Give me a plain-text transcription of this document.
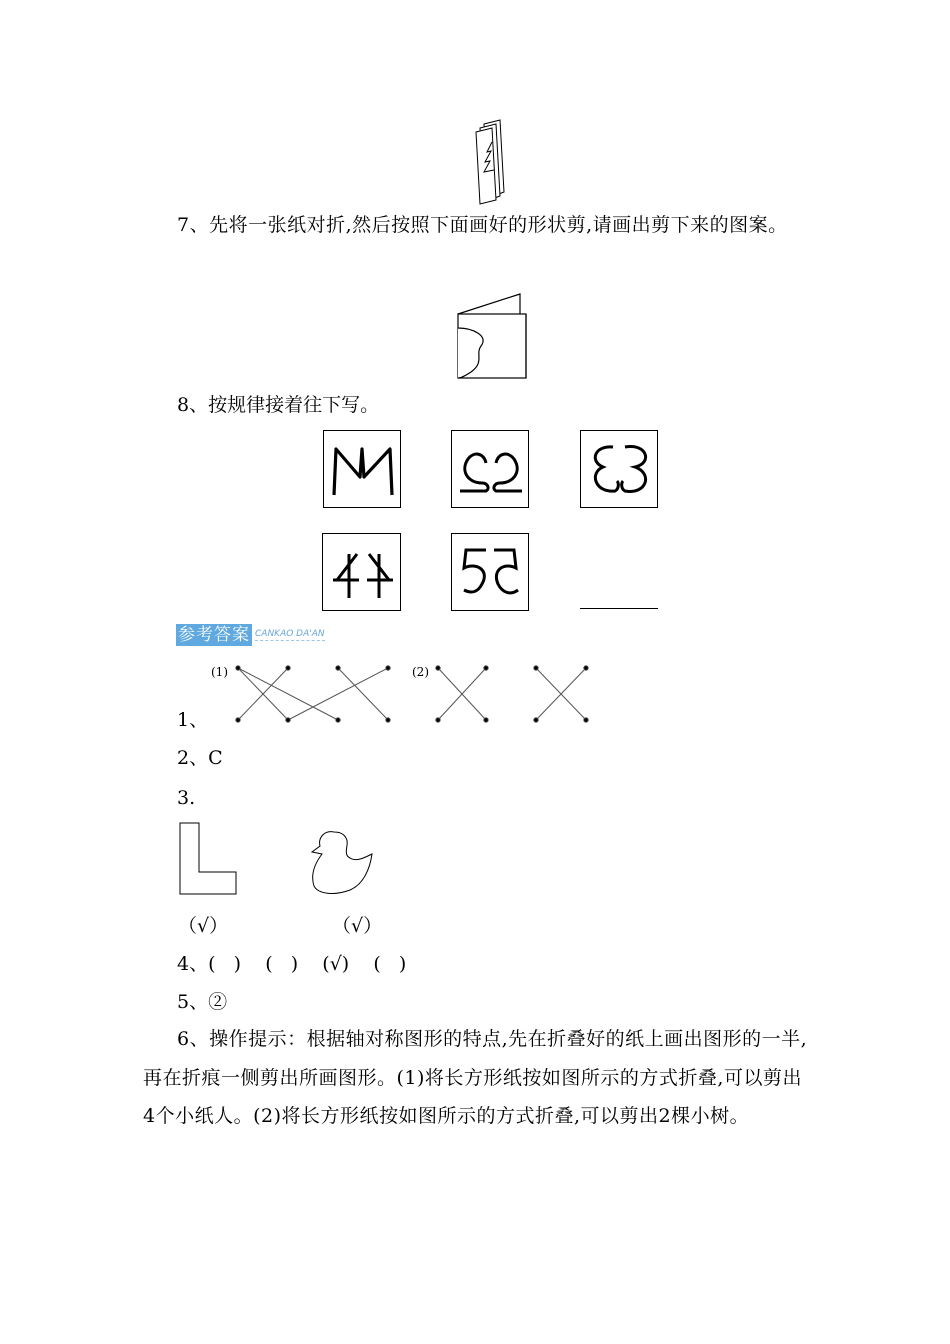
7、先将一张纸对折,然后按照下面画好的形状剪,请画出剪下来的图案。
8、按规律接着往下写。
参考答案 CANKAO DA'AN
(1)	(2)
1、
2、C
3.
（√）	（√）
4、(   )    (   )    (√)    (   )
5、②
6、操作提示：根据轴对称图形的特点,先在折叠好的纸上画出图形的一半,再在折痕一侧剪出所画图形。(1)将长方形纸按如图所示的方式折叠,可以剪出4个小纸人。(2)将长方形纸按如图所示的方式折叠,可以剪出2棵小树。
